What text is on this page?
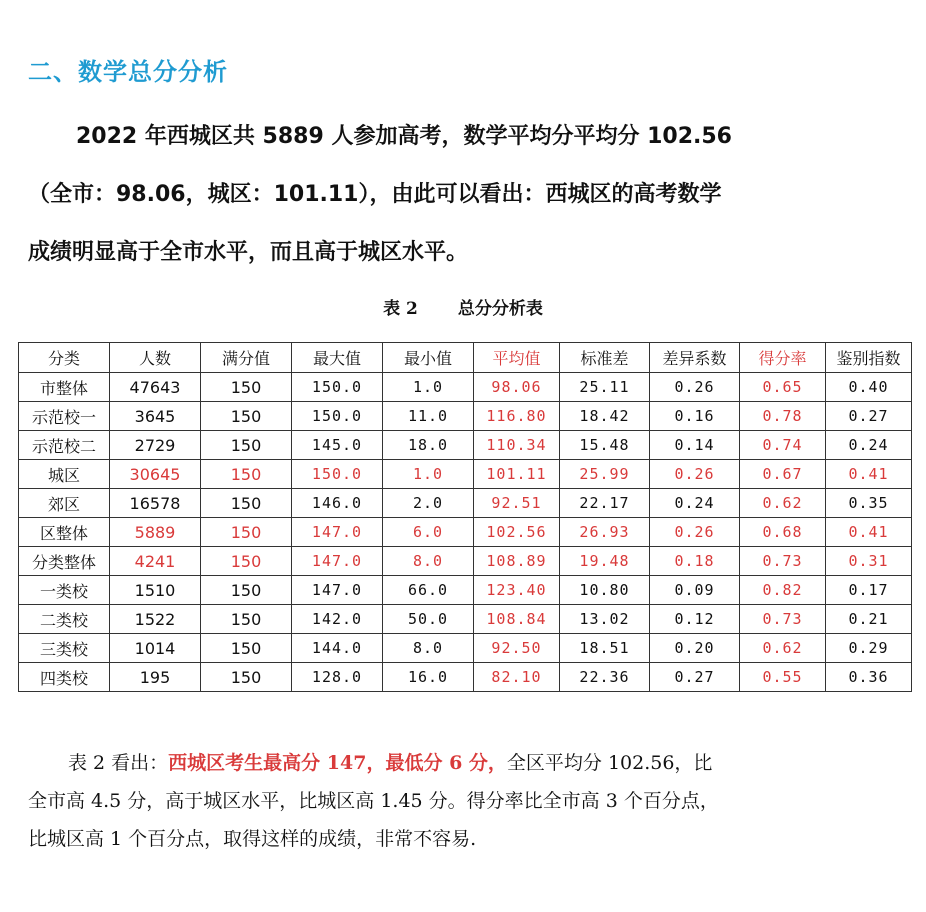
二、数学总分分析
2022 年西城区共 5889 人参加高考，数学平均分平均分 102.56
（全市：98.06，城区：101.11），由此可以看出：西城区的高考数学
成绩明显高于全市水平，而且高于城区水平。
表 2 总分分析表
分类	人数	满分值	最大值	最小值	平均值	标准差	差异系数	得分率	鉴别指数
市整体	47643	150	150.0	1.0	98.06	25.11	0.26	0.65	0.40
示范校一	3645	150	150.0	11.0	116.80	18.42	0.16	0.78	0.27
示范校二	2729	150	145.0	18.0	110.34	15.48	0.14	0.74	0.24
城区	30645	150	150.0	1.0	101.11	25.99	0.26	0.67	0.41
郊区	16578	150	146.0	2.0	92.51	22.17	0.24	0.62	0.35
区整体	5889	150	147.0	6.0	102.56	26.93	0.26	0.68	0.41
分类整体	4241	150	147.0	8.0	108.89	19.48	0.18	0.73	0.31
一类校	1510	150	147.0	66.0	123.40	10.80	0.09	0.82	0.17
二类校	1522	150	142.0	50.0	108.84	13.02	0.12	0.73	0.21
三类校	1014	150	144.0	8.0	92.50	18.51	0.20	0.62	0.29
四类校	195	150	128.0	16.0	82.10	22.36	0.27	0.55	0.36
表 2 看出：西城区考生最高分 147，最低分 6 分，全区平均分 102.56，比
全市高 4.5 分，高于城区水平，比城区高 1.45 分。得分率比全市高 3 个百分点，
比城区高 1 个百分点，取得这样的成绩，非常不容易.
